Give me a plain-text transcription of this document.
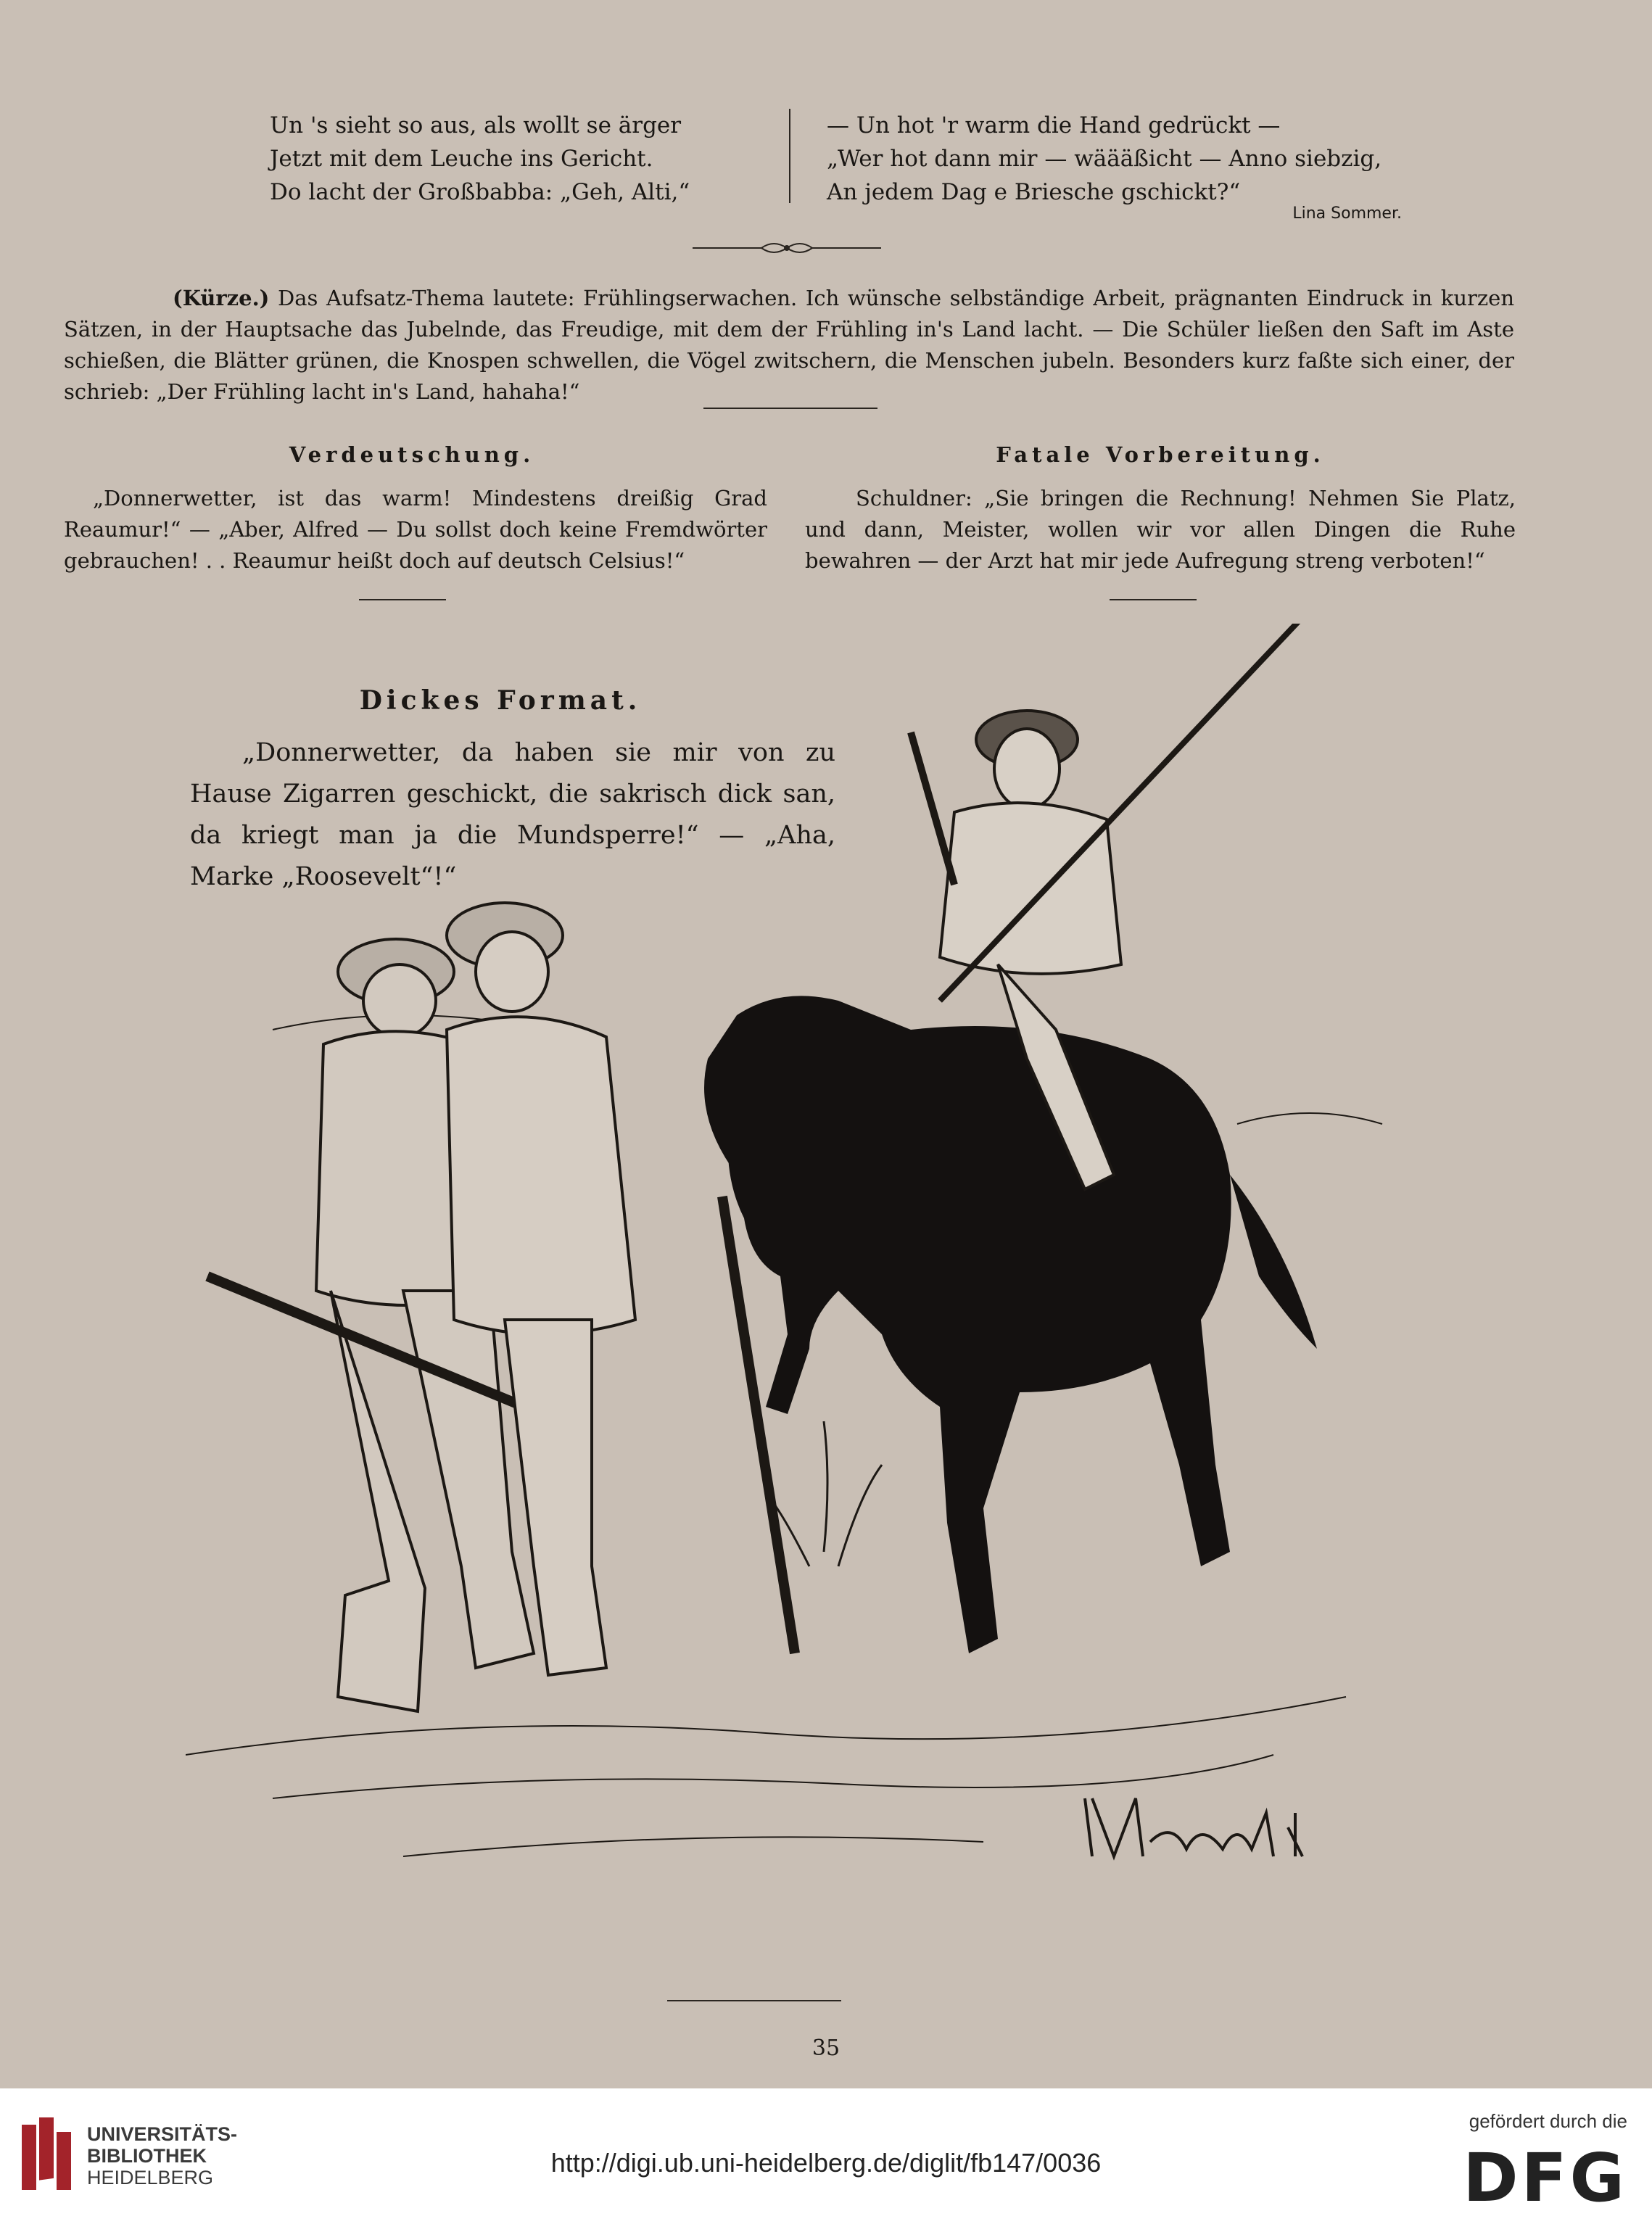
Un 's sieht so aus, als wollt se ärger
Jetzt mit dem Leuche ins Gericht.
Do lacht der Großbabba: „Geh, Alti,“
— Un hot 'r warm die Hand gedrückt —
„Wer hot dann mir — wäääßicht — Anno siebzig,
An jedem Dag e Briesche gschickt?“
Lina Sommer.
(Kürze.) Das Aufsatz-Thema lautete: Frühlingserwachen. Ich wünsche selbständige Arbeit, prägnanten Eindruck in kurzen Sätzen, in der Hauptsache das Jubelnde, das Freudige, mit dem der Frühling in's Land lacht. — Die Schüler ließen den Saft im Aste schießen, die Blätter grünen, die Knospen schwellen, die Vögel zwitschern, die Menschen jubeln. Besonders kurz faßte sich einer, der schrieb: „Der Frühling lacht in's Land, hahaha!“
Verdeutschung.
„Donnerwetter, ist das warm! Mindestens dreißig Grad Reaumur!“ — „Aber, Alfred — Du sollst doch keine Fremdwörter gebrauchen! . . Reaumur heißt doch auf deutsch Celsius!“
Fatale Vorbereitung.
Schuldner: „Sie bringen die Rechnung! Nehmen Sie Platz, und dann, Meister, wollen wir vor allen Dingen die Ruhe bewahren — der Arzt hat mir jede Aufregung streng verboten!“
Dickes Format.
„Donnerwetter, da haben sie mir von zu Hause Zigarren geschickt, die sakrisch dick san, da kriegt man ja die Mundsperre!“ — „Aha, Marke „Roosevelt“!“
35
UNIVERSITÄTS-
BIBLIOTHEK
HEIDELBERG	http://digi.ub.uni-heidelberg.de/diglit/fb147/0036
gefördert durch die
DFG
